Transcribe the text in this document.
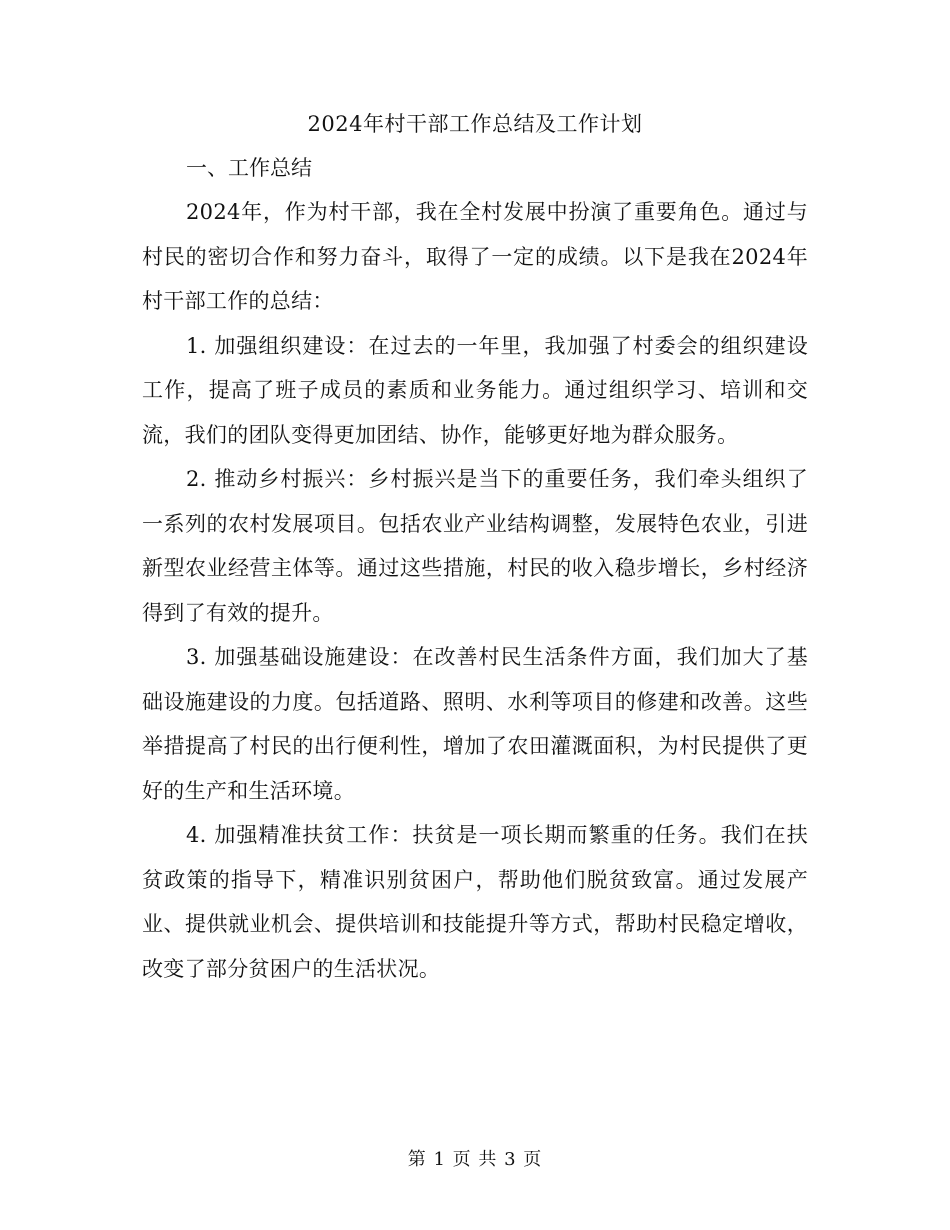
2024年村干部工作总结及工作计划
一、工作总结

2024年，作为村干部，我在全村发展中扮演了重要角色。通过与村民的密切合作和努力奋斗，取得了一定的成绩。以下是我在2024年村干部工作的总结：

1. 加强组织建设：在过去的一年里，我加强了村委会的组织建设工作，提高了班子成员的素质和业务能力。通过组织学习、培训和交流，我们的团队变得更加团结、协作，能够更好地为群众服务。

2. 推动乡村振兴：乡村振兴是当下的重要任务，我们牵头组织了一系列的农村发展项目。包括农业产业结构调整，发展特色农业，引进新型农业经营主体等。通过这些措施，村民的收入稳步增长，乡村经济得到了有效的提升。

3. 加强基础设施建设：在改善村民生活条件方面，我们加大了基础设施建设的力度。包括道路、照明、水利等项目的修建和改善。这些举措提高了村民的出行便利性，增加了农田灌溉面积，为村民提供了更好的生产和生活环境。

4. 加强精准扶贫工作：扶贫是一项长期而繁重的任务。我们在扶贫政策的指导下，精准识别贫困户，帮助他们脱贫致富。通过发展产业、提供就业机会、提供培训和技能提升等方式，帮助村民稳定增收，改变了部分贫困户的生活状况。

第 1 页 共 3 页
